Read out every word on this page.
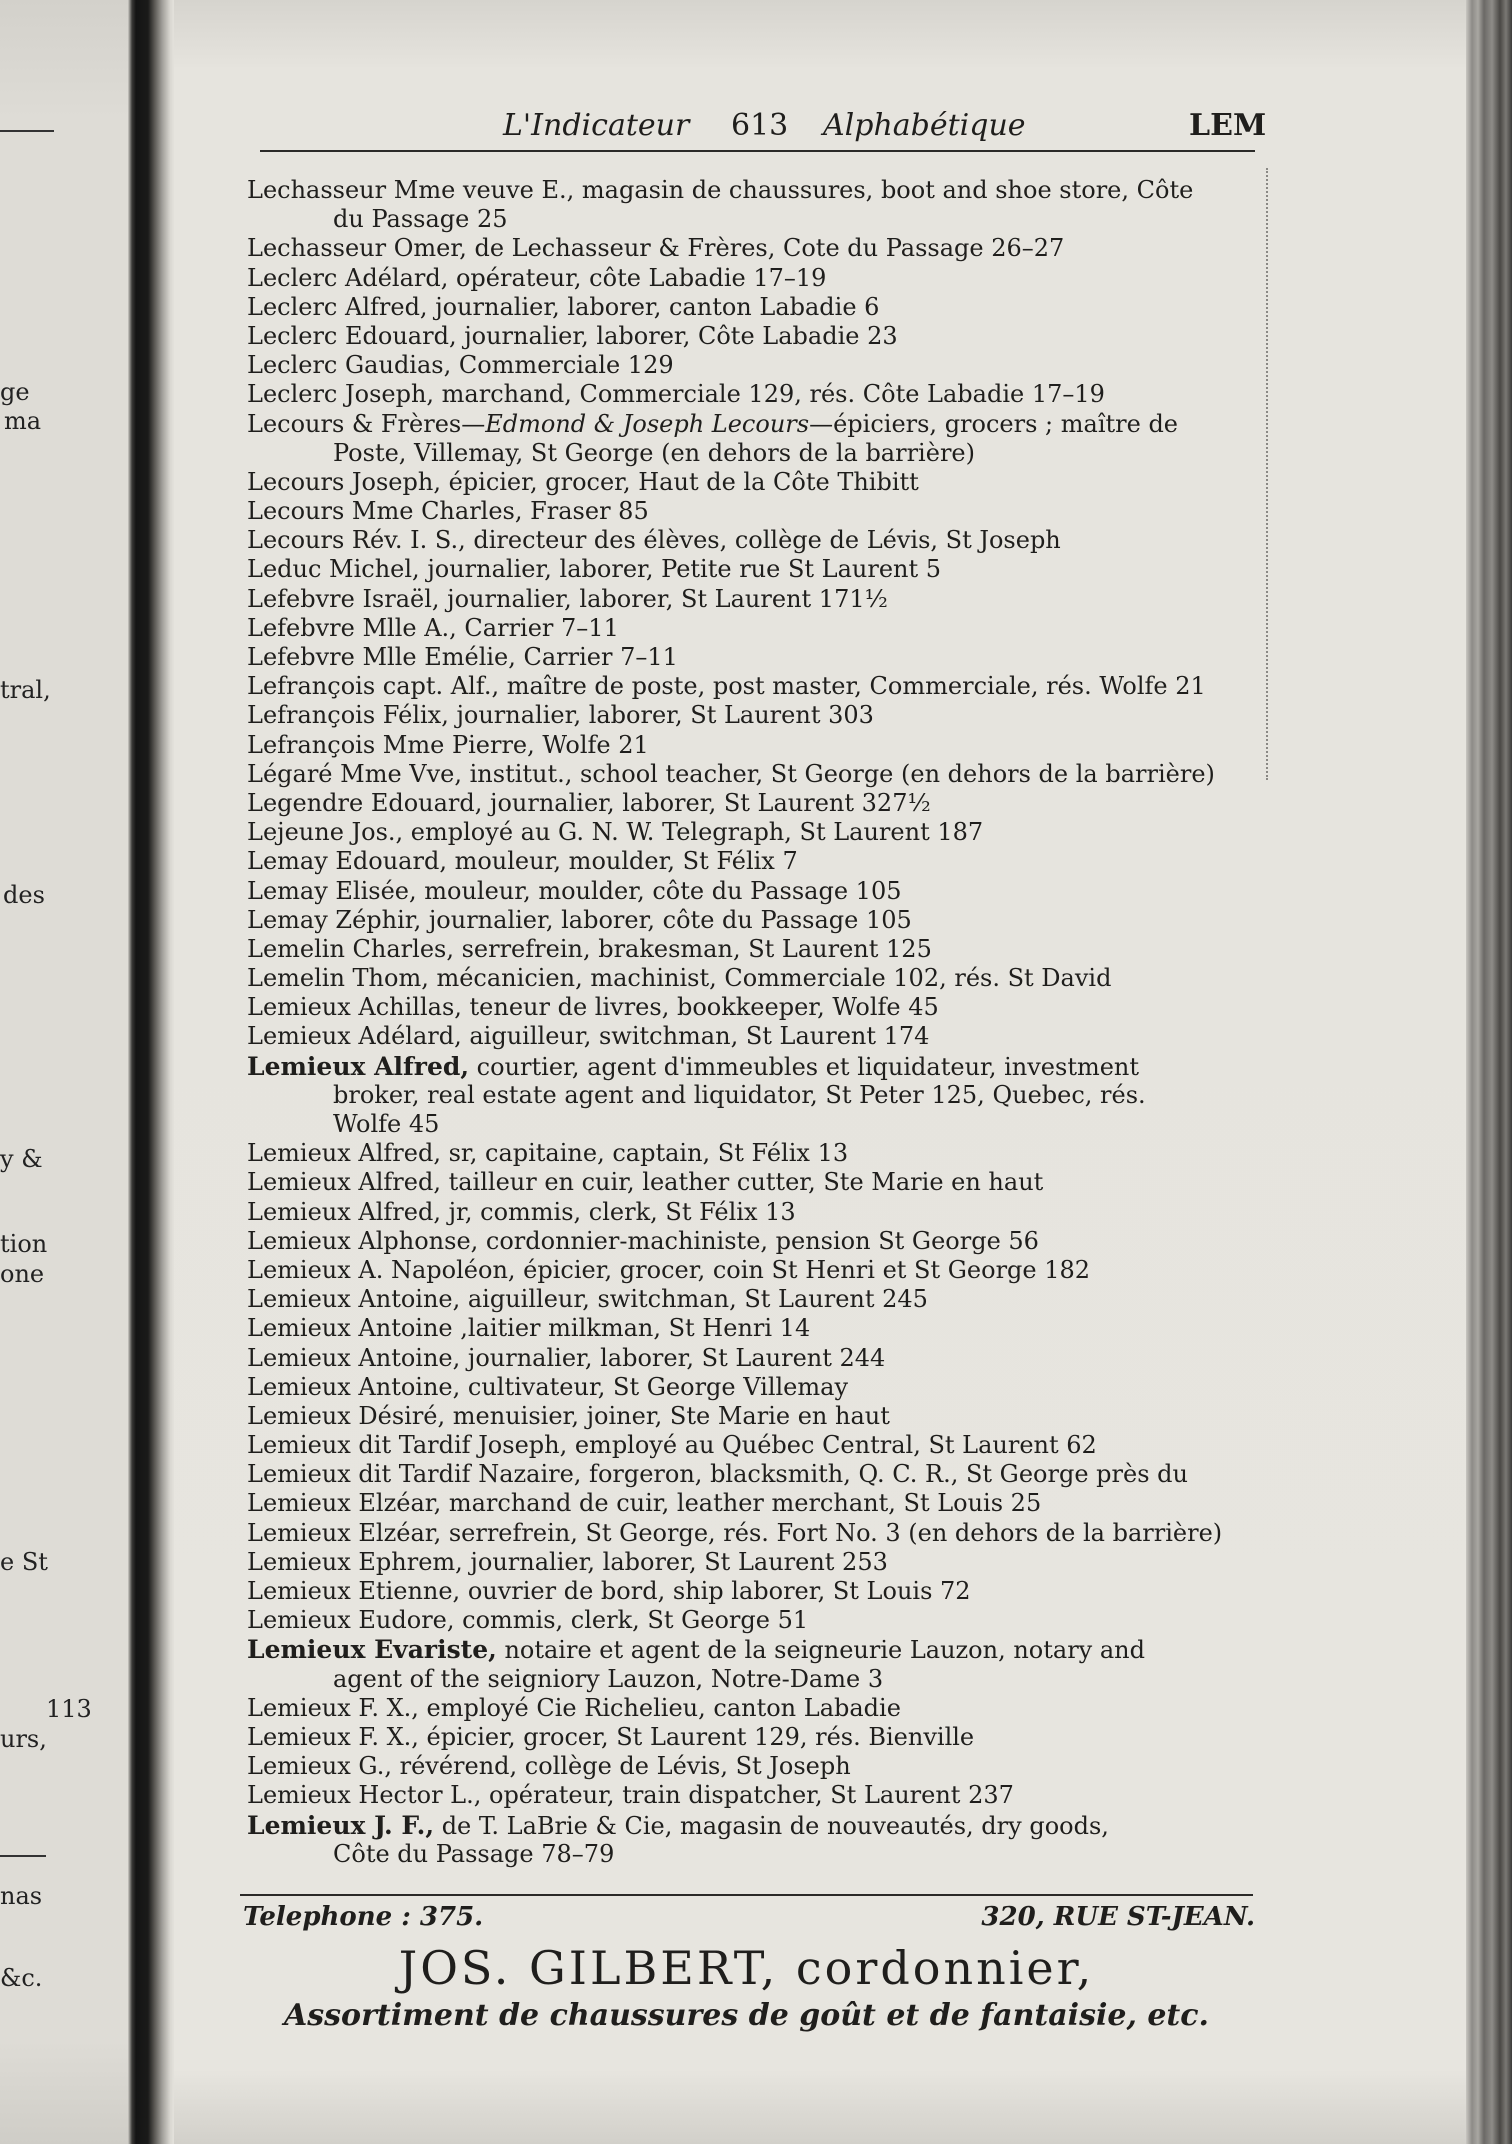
ge
ma
tral,
des
y &
tion
one
e St
113
urs,
nas
&c.
L'Indicateur 613 Alphabétique	LEM
Lechasseur Mme veuve E., magasin de chaussures, boot and shoe store, Côte
du Passage 25
Lechasseur Omer, de Lechasseur & Frères, Cote du Passage 26–27
Leclerc Adélard, opérateur, côte Labadie 17–19
Leclerc Alfred, journalier, laborer, canton Labadie 6
Leclerc Edouard, journalier, laborer, Côte Labadie 23
Leclerc Gaudias, Commerciale 129
Leclerc Joseph, marchand, Commerciale 129, rés. Côte Labadie 17–19
Lecours & Frères—Edmond & Joseph Lecours—épiciers, grocers ; maître de
Poste, Villemay, St George (en dehors de la barrière)
Lecours Joseph, épicier, grocer, Haut de la Côte Thibitt
Lecours Mme Charles, Fraser 85
Lecours Rév. I. S., directeur des élèves, collège de Lévis, St Joseph
Leduc Michel, journalier, laborer, Petite rue St Laurent 5
Lefebvre Israël, journalier, laborer, St Laurent 171½
Lefebvre Mlle A., Carrier 7–11
Lefebvre Mlle Emélie, Carrier 7–11
Lefrançois capt. Alf., maître de poste, post master, Commerciale, rés. Wolfe 21
Lefrançois Félix, journalier, laborer, St Laurent 303
Lefrançois Mme Pierre, Wolfe 21
Légaré Mme Vve, institut., school teacher, St George (en dehors de la barrière)
Legendre Edouard, journalier, laborer, St Laurent 327½
Lejeune Jos., employé au G. N. W. Telegraph, St Laurent 187
Lemay Edouard, mouleur, moulder, St Félix 7
Lemay Elisée, mouleur, moulder, côte du Passage 105
Lemay Zéphir, journalier, laborer, côte du Passage 105
Lemelin Charles, serrefrein, brakesman, St Laurent 125
Lemelin Thom, mécanicien, machinist, Commerciale 102, rés. St David
Lemieux Achillas, teneur de livres, bookkeeper, Wolfe 45
Lemieux Adélard, aiguilleur, switchman, St Laurent 174
Lemieux Alfred, courtier, agent d'immeubles et liquidateur, investment
broker, real estate agent and liquidator, St Peter 125, Quebec, rés.
Wolfe 45
Lemieux Alfred, sr, capitaine, captain, St Félix 13
Lemieux Alfred, tailleur en cuir, leather cutter, Ste Marie en haut
Lemieux Alfred, jr, commis, clerk, St Félix 13
Lemieux Alphonse, cordonnier-machiniste, pension St George 56
Lemieux A. Napoléon, épicier, grocer, coin St Henri et St George 182
Lemieux Antoine, aiguilleur, switchman, St Laurent 245
Lemieux Antoine ,laitier milkman, St Henri 14
Lemieux Antoine, journalier, laborer, St Laurent 244
Lemieux Antoine, cultivateur, St George Villemay
Lemieux Désiré, menuisier, joiner, Ste Marie en haut
Lemieux dit Tardif Joseph, employé au Québec Central, St Laurent 62
Lemieux dit Tardif Nazaire, forgeron, blacksmith, Q. C. R., St George près du
Lemieux Elzéar, marchand de cuir, leather merchant, St Louis 25
Lemieux Elzéar, serrefrein, St George, rés. Fort No. 3 (en dehors de la barrière)
Lemieux Ephrem, journalier, laborer, St Laurent 253
Lemieux Etienne, ouvrier de bord, ship laborer, St Louis 72
Lemieux Eudore, commis, clerk, St George 51
Lemieux Evariste, notaire et agent de la seigneurie Lauzon, notary and
agent of the seigniory Lauzon, Notre-Dame 3
Lemieux F. X., employé Cie Richelieu, canton Labadie
Lemieux F. X., épicier, grocer, St Laurent 129, rés. Bienville
Lemieux G., révérend, collège de Lévis, St Joseph
Lemieux Hector L., opérateur, train dispatcher, St Laurent 237
Lemieux J. F., de T. LaBrie & Cie, magasin de nouveautés, dry goods,
Côte du Passage 78–79
Telephone : 375.	320, RUE ST-JEAN.
JOS. GILBERT, cordonnier,
Assortiment de chaussures de goût et de fantaisie, etc.
